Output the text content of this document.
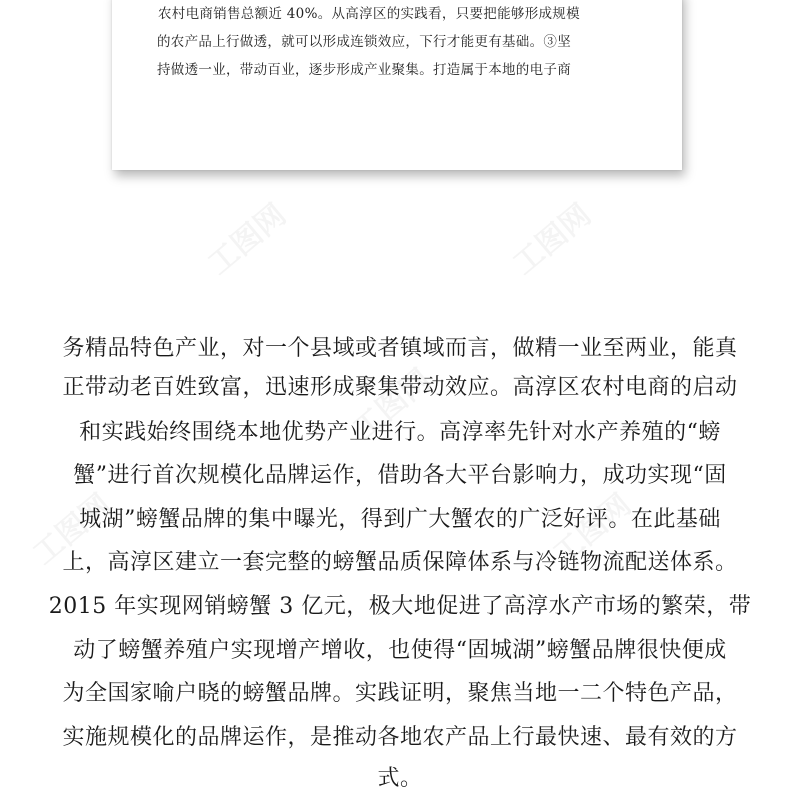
农村电商销售总额近 40%。从高淳区的实践看，只要把能够形成规模
的农产品上行做透，就可以形成连锁效应，下行才能更有基础。③坚
持做透一业，带动百业，逐步形成产业聚集。打造属于本地的电子商
务精品特色产业，对一个县域或者镇域而言，做精一业至两业，能真
正带动老百姓致富，迅速形成聚集带动效应。高淳区农村电商的启动
和实践始终围绕本地优势产业进行。高淳率先针对水产养殖的“螃
蟹”进行首次规模化品牌运作，借助各大平台影响力，成功实现“固
城湖”螃蟹品牌的集中曝光，得到广大蟹农的广泛好评。在此基础
上，高淳区建立一套完整的螃蟹品质保障体系与冷链物流配送体系。
2015 年实现网销螃蟹 3 亿元，极大地促进了高淳水产市场的繁荣，带
动了螃蟹养殖户实现增产增收，也使得“固城湖”螃蟹品牌很快便成
为全国家喻户晓的螃蟹品牌。实践证明，聚焦当地一二个特色产品，
实施规模化的品牌运作，是推动各地农产品上行最快速、最有效的方
式。
